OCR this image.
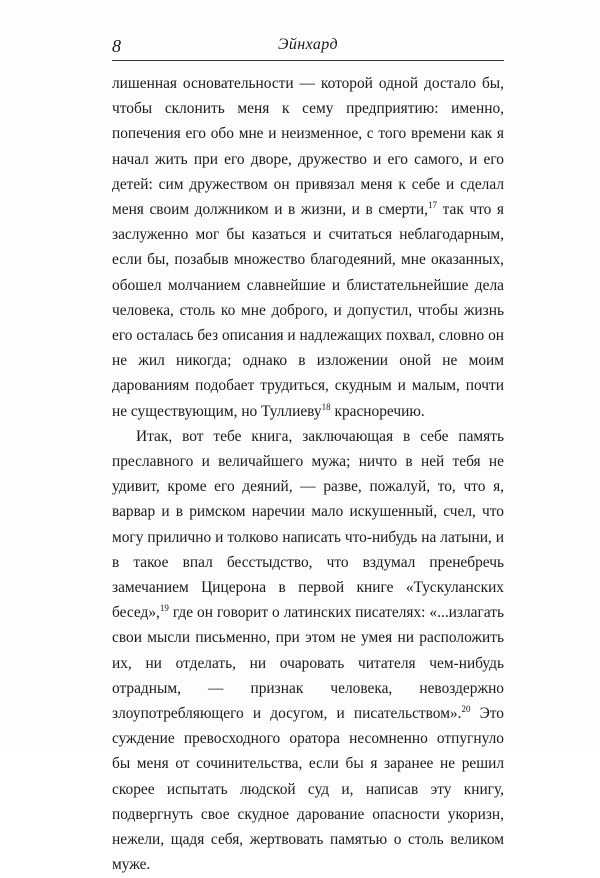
8	Эйнхард

лишенная основательности — которой одной достало бы, чтобы склонить меня к сему предприятию: именно, попечения его обо мне и неизменное, с того времени как я начал жить при его дворе, дружество и его самого, и его детей: сим дружеством он привязал меня к себе и сделал меня своим должником и в жизни, и в смерти,$^{17}$ так что я заслуженно мог бы казаться и считаться неблагодарным, если бы, позабыв множество благодеяний, мне оказанных, обошел молчанием славнейшие и блистательнейшие дела человека, столь ко мне доброго, и допустил, чтобы жизнь его осталась без описания и надлежащих похвал, словно он не жил никогда; однако в изложении оной не моим дарованиям подобает трудиться, скудным и малым, почти не существующим, но Туллиеву$^{18}$ красноречию.

Итак, вот тебе книга, заключающая в себе память преславного и величайшего мужа; ничто в ней тебя не удивит, кроме его деяний, — разве, пожалуй, то, что я, варвар и в римском наречии мало искушенный, счел, что могу прилично и толково написать что-нибудь на латыни, и в такое впал бесстыдство, что вздумал пренебречь замечанием Цицерона в первой книге «Тускуланских бесед»,$^{19}$ где он говорит о латинских писателях: «...излагать свои мысли письменно, при этом не умея ни расположить их, ни отделать, ни очаровать читателя чем-нибудь отрадным, — признак человека, невоздержно злоупотребляющего и досугом, и писательством».$^{20}$ Это суждение превосходного оратора несомненно отпугнуло бы меня от сочинительства, если бы я заранее не решил скорее испытать людской суд и, написав эту книгу, подвергнуть свое скудное дарование опасности укоризн, нежели, щадя себя, жертвовать памятью о столь великом муже.
